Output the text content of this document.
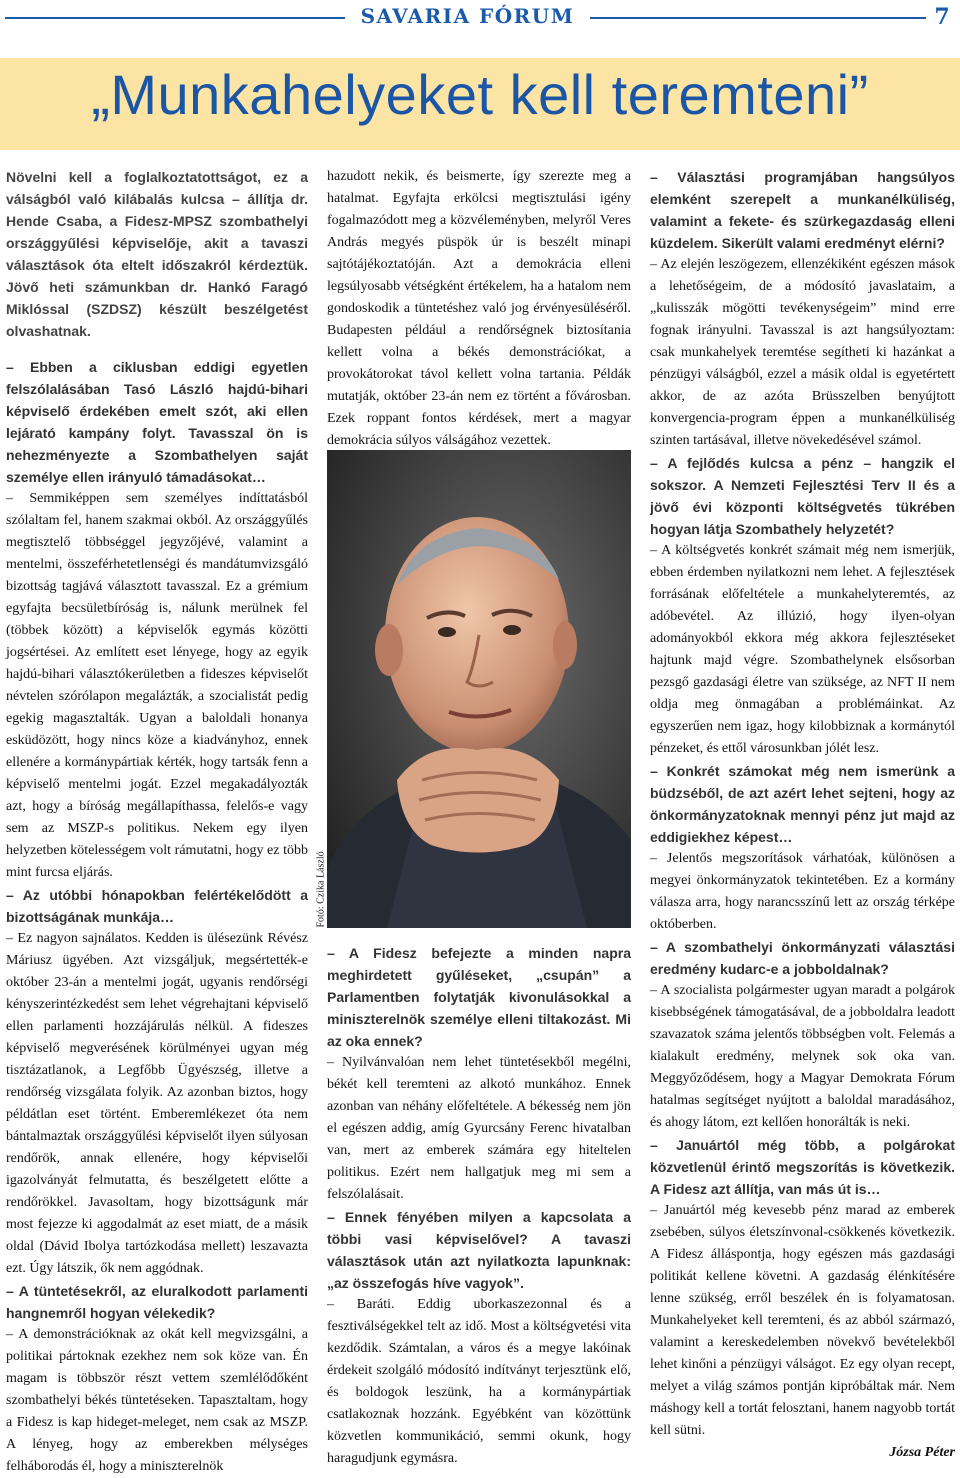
SAVARIA FÓRUM	7
„Munkahelyeket kell teremteni”

Növelni kell a foglalkoztatottságot, ez a válságból való kilábalás kulcsa – állítja dr. Hende Csaba, a Fidesz-MPSZ szombathelyi országgyűlési képviselője, akit a tavaszi választások óta eltelt időszakról kérdeztük. Jövő heti számunkban dr. Hankó Faragó Miklóssal (SZDSZ) készült beszélgetést olvashatnak.

– Ebben a ciklusban eddigi egyetlen felszólalásában Tasó László hajdú-bihari képviselő érdekében emelt szót, aki ellen lejárató kampány folyt. Tavasszal ön is nehezményezte a Szombathelyen saját személye ellen irányuló támadásokat…

– Semmiképpen sem személyes indíttatásból szólaltam fel, hanem szakmai okból. Az országgyűlés megtisztelő többséggel jegyzőjévé, valamint a mentelmi, összeférhetetlenségi és mandátumvizsgáló bizottság tagjává választott tavasszal. Ez a grémium egyfajta becsületbíróság is, nálunk merülnek fel (többek között) a képviselők egymás közötti jogsértései. Az említett eset lényege, hogy az egyik hajdú-bihari választókerületben a fideszes képviselőt névtelen szórólapon megalázták, a szocialistát pedig egekig magasztalták. Ugyan a baloldali honanya esküdözött, hogy nincs köze a kiadványhoz, ennek ellenére a kormánypártiak kérték, hogy tartsák fenn a képviselő mentelmi jogát. Ezzel megakadályozták azt, hogy a bíróság megállapíthassa, felelős-e vagy sem az MSZP-s politikus. Nekem egy ilyen helyzetben kötelességem volt rámutatni, hogy ez több mint furcsa eljárás.

– Az utóbbi hónapokban felértékelődött a bizottságának munkája…

– Ez nagyon sajnálatos. Kedden is ülésezünk Révész Máriusz ügyében. Azt vizsgáljuk, megsértették-e október 23-án a mentelmi jogát, ugyanis rendőrségi kényszerintézkedést sem lehet végrehajtani képviselő ellen parlamenti hozzájárulás nélkül. A fideszes képviselő megverésének körülményei ugyan még tisztázatlanok, a Legfőbb Ügyészség, illetve a rendőrség vizsgálata folyik. Az azonban biztos, hogy példátlan eset történt. Emberemlékezet óta nem bántalmaztak országgyűlési képviselőt ilyen súlyosan rendőrök, annak ellenére, hogy képviselői igazolványát felmutatta, és beszélgetett előtte a rendőrökkel. Javasoltam, hogy bizottságunk már most fejezze ki aggodalmát az eset miatt, de a másik oldal (Dávid Ibolya tartózkodása mellett) leszavazta ezt. Úgy látszik, ők nem aggódnak.

– A tüntetésekről, az eluralkodott parlamenti hangnemről hogyan vélekedik?

– A demonstrációknak az okát kell megvizsgálni, a politikai pártoknak ezekhez nem sok köze van. Én magam is többször részt vettem szemlélődőként szombathelyi békés tüntetéseken. Tapasztaltam, hogy a Fidesz is kap hideget-meleget, nem csak az MSZP. A lényeg, hogy az emberekben mélységes felháborodás él, hogy a miniszterelnök

hazudott nekik, és beismerte, így szerezte meg a hatalmat. Egyfajta erkölcsi megtisztulási igény fogalmazódott meg a közvéleményben, melyről Veres András megyés püspök úr is beszélt minapi sajtótájékoztatóján. Azt a demokrácia elleni legsúlyosabb vétségként értékelem, ha a hatalom nem gondoskodik a tüntetéshez való jog érvényesüléséről. Budapesten például a rendőrségnek biztosítania kellett volna a békés demonstrációkat, a provokátorokat távol kellett volna tartania. Példák mutatják, október 23-án nem ez történt a fővárosban. Ezek roppant fontos kérdések, mert a magyar demokrácia súlyos válságához vezettek.

Fotó: Czika László

– A Fidesz befejezte a minden napra meghirdetett gyűléseket, „csupán” a Parlamentben folytatják kivonulásokkal a miniszterelnök személye elleni tiltakozást. Mi az oka ennek?

– Nyilvánvalóan nem lehet tüntetésekből megélni, békét kell teremteni az alkotó munkához. Ennek azonban van néhány előfeltétele. A békesség nem jön el egészen addig, amíg Gyurcsány Ferenc hivatalban van, mert az emberek számára egy hiteltelen politikus. Ezért nem hallgatjuk meg mi sem a felszólalásait.

– Ennek fényében milyen a kapcsolata a többi vasi képviselővel? A tavaszi választások után azt nyilatkozta lapunknak: „az összefogás híve vagyok”.

– Baráti. Eddig uborkaszezonnal és a fesztiválségekkel telt az idő. Most a költségvetési vita kezdődik. Számtalan, a város és a megye lakóinak érdekeit szolgáló módosító indítványt terjesztünk elő, és boldogok leszünk, ha a kormánypártiak csatlakoznak hozzánk. Egyébként van közöttünk közvetlen kommunikáció, semmi okunk, hogy haragudjunk egymásra.

– Választási programjában hangsúlyos elemként szerepelt a munkanélküliség, valamint a fekete- és szürkegazdaság elleni küzdelem. Sikerült valami eredményt elérni?

– Az elején leszögezem, ellenzékiként egészen mások a lehetőségeim, de a módosító javaslataim, a „kulisszák mögötti tevékenységeim” mind erre fognak irányulni. Tavasszal is azt hangsúlyoztam: csak munkahelyek teremtése segítheti ki hazánkat a pénzügyi válságból, ezzel a másik oldal is egyetértett akkor, de az azóta Brüsszelben benyújtott konvergencia-program éppen a munkanélküliség szinten tartásával, illetve növekedésével számol.

– A fejlődés kulcsa a pénz – hangzik el sokszor. A Nemzeti Fejlesztési Terv II és a jövő évi központi költségvetés tükrében hogyan látja Szombathely helyzetét?

– A költségvetés konkrét számait még nem ismerjük, ebben érdemben nyilatkozni nem lehet. A fejlesztések forrásának előfeltétele a munkahelyteremtés, az adóbevétel. Az illúzió, hogy ilyen-olyan adományokból ekkora még akkora fejlesztéseket hajtunk majd végre. Szombathelynek elsősorban pezsgő gazdasági életre van szüksége, az NFT II nem oldja meg önmagában a problémáinkat. Az egyszerűen nem igaz, hogy kilobbiznak a kormánytól pénzeket, és ettől városunkban jólét lesz.

– Konkrét számokat még nem ismerünk a büdzséből, de azt azért lehet sejteni, hogy az önkormányzatoknak mennyi pénz jut majd az eddigiekhez képest…

– Jelentős megszorítások várhatóak, különösen a megyei önkormányzatok tekintetében. Ez a kormány válasza arra, hogy narancsszínű lett az ország térképe októberben.

– A szombathelyi önkormányzati választási eredmény kudarc-e a jobboldalnak?

– A szocialista polgármester ugyan maradt a polgárok kisebbségének támogatásával, de a jobboldalra leadott szavazatok száma jelentős többségben volt. Felemás a kialakult eredmény, melynek sok oka van. Meggyőződésem, hogy a Magyar Demokrata Fórum hatalmas segítséget nyújtott a baloldal maradásához, és ahogy látom, ezt kellően honorálták is neki.

– Januártól még több, a polgárokat közvetlenül érintő megszorítás is következik. A Fidesz azt állítja, van más út is…

– Januártól még kevesebb pénz marad az emberek zsebében, súlyos életszínvonal-csökkenés következik. A Fidesz álláspontja, hogy egészen más gazdasági politikát kellene követni. A gazdaság élénkítésére lenne szükség, erről beszélek én is folyamatosan. Munkahelyeket kell teremteni, és az abból származó, valamint a kereskedelemben növekvő bevételekből lehet kinőni a pénzügyi válságot. Ez egy olyan recept, melyet a világ számos pontján kipróbáltak már. Nem máshogy kell a tortát felosztani, hanem nagyobb tortát kell sütni.

Józsa Péter
